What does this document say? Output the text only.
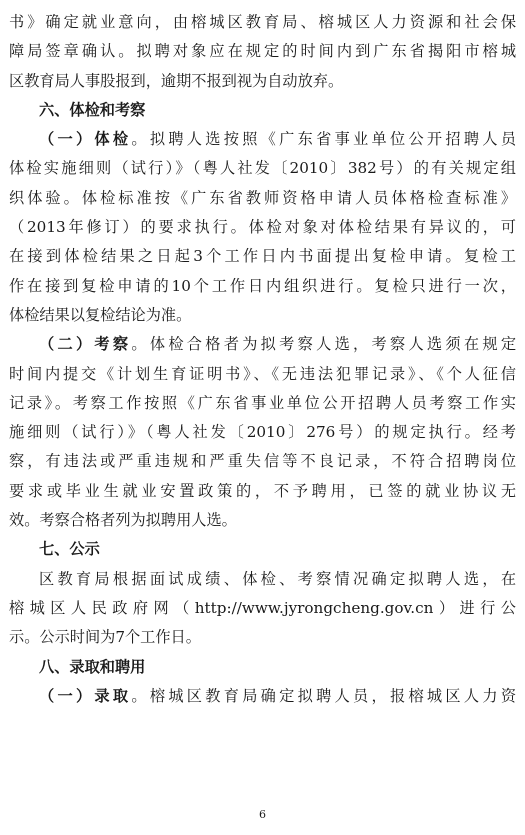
书》确定就业意向，由榕城区教育局、榕城区人力资源和社会保
障局签章确认。拟聘对象应在规定的时间内到广东省揭阳市榕城
区教育局人事股报到，逾期不报到视为自动放弃。
六、体检和考察
（一）体检。拟聘人选按照《广东省事业单位公开招聘人员
体检实施细则（试行）》（粤人社发〔2010〕382号）的有关规定组
织体验。体检标准按《广东省教师资格申请人员体格检查标准》
（2013年修订）的要求执行。体检对象对体检结果有异议的，可
在接到体检结果之日起3个工作日内书面提出复检申请。复检工
作在接到复检申请的10个工作日内组织进行。复检只进行一次，
体检结果以复检结论为准。
（二）考察。体检合格者为拟考察人选，考察人选须在规定
时间内提交《计划生育证明书》、《无违法犯罪记录》、《个人征信
记录》。考察工作按照《广东省事业单位公开招聘人员考察工作实
施细则（试行）》（粤人社发〔2010〕276号）的规定执行。经考
察，有违法或严重违规和严重失信等不良记录，不符合招聘岗位
要求或毕业生就业安置政策的，不予聘用，已签的就业协议无
效。考察合格者列为拟聘用人选。
七、公示
区教育局根据面试成绩、体检、考察情况确定拟聘人选，在
榕城区人民政府网（http://www.jyrongcheng.gov.cn）进行公
示。公示时间为7个工作日。
八、录取和聘用
（一）录取。榕城区教育局确定拟聘人员，报榕城区人力资
6
